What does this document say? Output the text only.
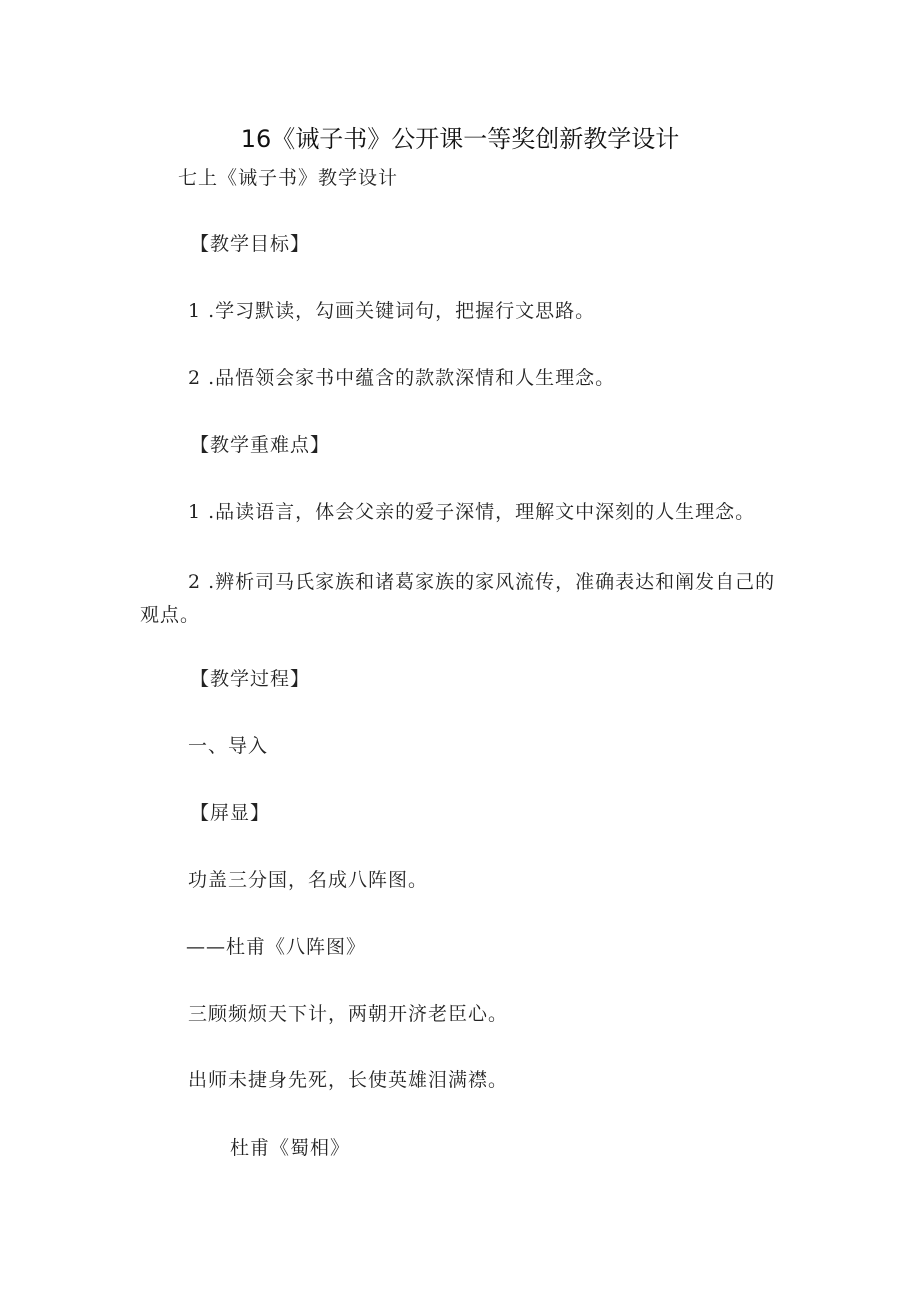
16《诫子书》公开课一等奖创新教学设计
七上《诫子书》教学设计
【教学目标】
1 .学习默读，勾画关键词句，把握行文思路。
2 .品悟领会家书中蕴含的款款深情和人生理念。
【教学重难点】
1 .品读语言，体会父亲的爱子深情，理解文中深刻的人生理念。
2 .辨析司马氏家族和诸葛家族的家风流传，准确表达和阐发自己的观点。
【教学过程】
一、导入
【屏显】
功盖三分国，名成八阵图。
——杜甫《八阵图》
三顾频烦天下计，两朝开济老臣心。
出师未捷身先死，长使英雄泪满襟。
杜甫《蜀相》
